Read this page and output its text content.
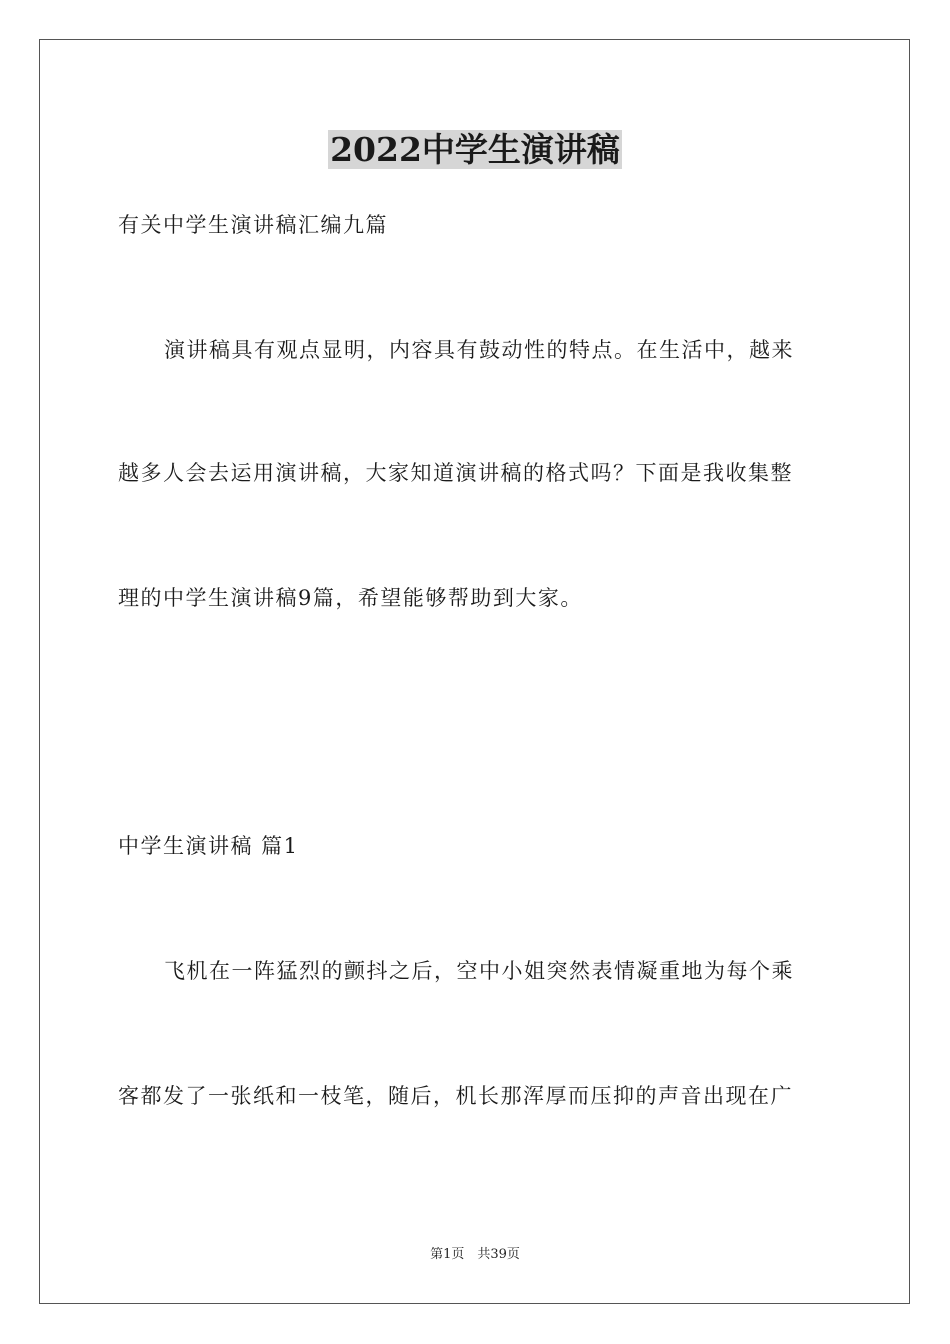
2022中学生演讲稿
有关中学生演讲稿汇编九篇
演讲稿具有观点显明，内容具有鼓动性的特点。在生活中，越来
越多人会去运用演讲稿，大家知道演讲稿的格式吗？下面是我收集整
理的中学生演讲稿9篇，希望能够帮助到大家。
中学生演讲稿 篇1
飞机在一阵猛烈的颤抖之后，空中小姐突然表情凝重地为每个乘
客都发了一张纸和一枝笔，随后，机长那浑厚而压抑的声音出现在广
第1页　共39页
